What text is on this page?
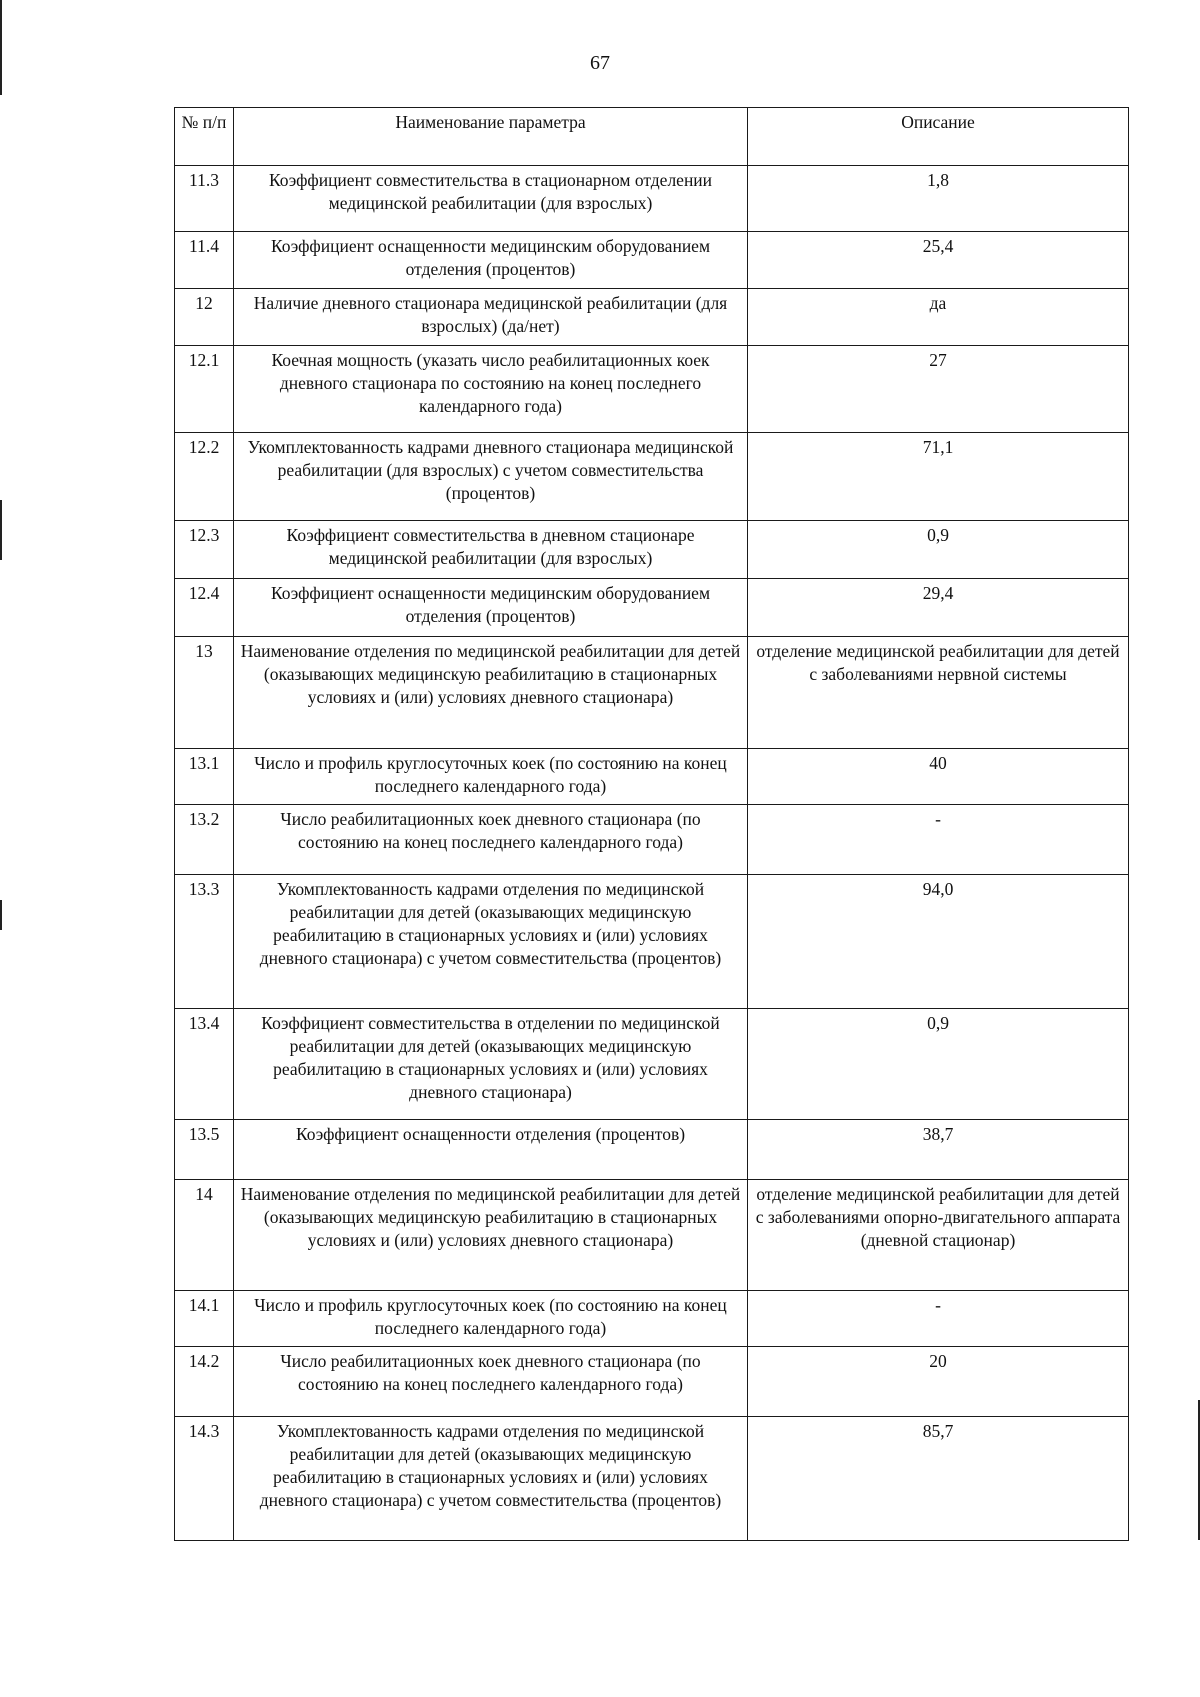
67
№ п/п	Наименование параметра	Описание
11.3	Коэффициент совместительства в стационарном отделении медицинской реабилитации (для взрослых)	1,8
11.4	Коэффициент оснащенности медицинским оборудованием отделения (процентов)	25,4
12	Наличие дневного стационара медицинской реабилитации (для взрослых) (да/нет)	да
12.1	Коечная мощность (указать число реабилитационных коек дневного стационара по состоянию на конец последнего календарного года)	27
12.2	Укомплектованность кадрами дневного стационара медицинской реабилитации (для взрослых) с учетом совместительства (процентов)	71,1
12.3	Коэффициент совместительства в дневном стационаре медицинской реабилитации (для взрослых)	0,9
12.4	Коэффициент оснащенности медицинским оборудованием отделения (процентов)	29,4
13	Наименование отделения по медицинской реабилитации для детей (оказывающих медицинскую реабилитацию в стационарных условиях и (или) условиях дневного стационара)	отделение медицинской реабилитации для детей с заболеваниями нервной системы
13.1	Число и профиль круглосуточных коек (по состоянию на конец последнего календарного года)	40
13.2	Число реабилитационных коек дневного стационара (по состоянию на конец последнего календарного года)	-
13.3	Укомплектованность кадрами отделения по медицинской реабилитации для детей (оказывающих медицинскую реабилитацию в стационарных условиях и (или) условиях дневного стационара) с учетом совместительства (процентов)	94,0
13.4	Коэффициент совместительства в отделении по медицинской реабилитации для детей (оказывающих медицинскую реабилитацию в стационарных условиях и (или) условиях дневного стационара)	0,9
13.5	Коэффициент оснащенности отделения (процентов)	38,7
14	Наименование отделения по медицинской реабилитации для детей (оказывающих медицинскую реабилитацию в стационарных условиях и (или) условиях дневного стационара)	отделение медицинской реабилитации для детей с заболеваниями опорно-двигательного аппарата (дневной стационар)
14.1	Число и профиль круглосуточных коек (по состоянию на конец последнего календарного года)	-
14.2	Число реабилитационных коек дневного стационара (по состоянию на конец последнего календарного года)	20
14.3	Укомплектованность кадрами отделения по медицинской реабилитации для детей (оказывающих медицинскую реабилитацию в стационарных условиях и (или) условиях дневного стационара) с учетом совместительства (процентов)	85,7
